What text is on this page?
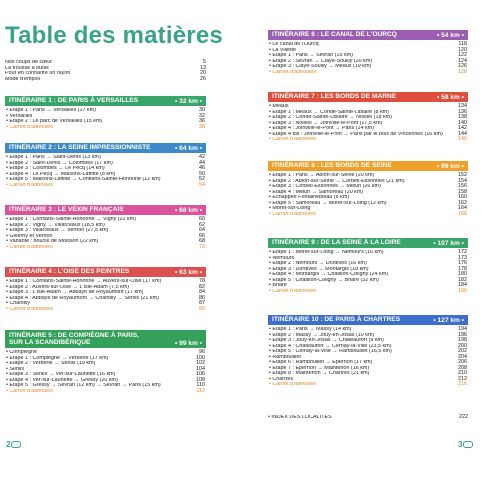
Table des matières
Nos coups de cœur	5
La trousse à outils	13
Pour en connaître un rayon	20
Mode d'emploi	26
ITINÉRAIRE 1 : DE PARIS À VERSAILLES	• 32 km •
• Étape 1 : Paris → Versailles (17 km)	30
• Versailles	32
• Étape 2 : Le parc de Versailles (15 km)	36
• Carnet d'adresses	38
ITINÉRAIRE 2 : LA SEINE IMPRESSIONNISTE	• 64 km •
• Étape 1 : Paris → Saint-Denis (13 km)	42
• Étape 2 : Saint-Denis → Colombes (17 km)	44
• Étape 3 : Colombes → Le Pecq (14 km)	46
• Étape 4 : Le Pecq → Maisons-Laffitte (8 km)	50
• Étape 5 : Maisons-Laffitte → Conflans-Sainte-Honorine (12 km)	52
• Carnet d'adresses	54
ITINÉRAIRE 3 : LE VEXIN FRANÇAIS	• 68 km •
• Étape 1 : Conflans-Sainte-Honorine → Vigny (22 km)	60
• Étape 2 : Vigny → Villarceaux (18,5 km)	62
• Étape 3 : Villarceaux → Vernon (27,5 km)	64
• Giverny et Vernon	66
• Variante : boucle de Moisson (22 km)	68
• Carnet d'adresses	72
ITINÉRAIRE 4 : L'OISE DES PEINTRES	• 63 km •
• Étape 1 : Conflans-Sainte-Honorine → Auvers-sur-Oise (17 km)	78
• Étape 2 : Auvers-sur-Oise → L'Isle-Adam (7,5 km)	82
• Étape 3 : L'Isle-Adam → Abbaye de Royaumont (17 km)	84
• Étape 4 : Abbaye de Royaumont → Chantilly → Senlis (21 km)	86
• Chantilly	87
• Carnet d'adresses	90
ITINÉRAIRE 5 : DE COMPIÈGNE À PARIS,
SUR LA SCANDIBÉRIQUE	• 99 km •
• Compiègne	96
• Étape 1 : Compiègne → Verberie (17 km)	100
• Étape 2 : Verberie → Senlis (19 km)	102
• Senlis	104
• Étape 3 : Senlis → Ver-sur-Launette (16 km)	106
• Étape 4 : Ver-sur-Launette → Gressy (20 km)	108
• Étape 5 : Gressy → Sevran (12 km) → Sevran → Paris (15 km)	110
• Carnet d'adresses	112
ITINÉRAIRE 6 : LE CANAL DE L'OURCQ	• 54 km •
• Le canal de l'Ourcq	118
• La Villette	120
• Étape 1 : Paris → Sevran (15 km)	122
• Étape 2 : Sevran → Claye-Souilly (20 km)	124
• Étape 3 : Claye-Souilly → Meaux (19 km)	126
• Carnet d'adresses	128
ITINÉRAIRE 7 : LES BORDS DE MARNE	• 58 km •
• Meaux	134
• Étape 1 : Meaux → Condé-Sainte-Libiaire (8 km)	136
• Étape 2 : Condé-Sainte-Libiaire → Noisiel (18 km)	138
• Étape 3 : Noisiel → Joinville-le-Pont (17,5 km)	140
• Étape 4 : Joinville-le-Pont → Paris (14 km)	142
• Étape 4 bis : Joinville-le-Pont → Paris par le bois de Vincennes (16 km)	144
• Carnet d'adresses	146
ITINÉRAIRE 8 : LES BORDS DE SEINE	• 99 km •
• Étape 1 : Paris → Ablon-sur-Seine (20 km)	152
• Étape 2 : Ablon-sur-Seine → Corbeil-Essonnes (21 km)	154
• Étape 3 : Corbeil-Essonnes → Melun (26 km)	156
• Étape 4 : Melun → Samoreau (20 km)	158
• Échappée Fontainebleau (6 km)	160
• Étape 5 : Samoreau → Moret-sur-Loing (12 km)	162
• Moret-sur-Loing	164
• Carnet d'adresses	166
ITINÉRAIRE 9 : DE LA SEINE À LA LOIRE	• 107 km •
• Étape 1 : Moret-sur-Loing → Nemours (16 km)	172
• Nemours	173
• Étape 2 : Nemours → Dordives (16 km)	176
• Étape 3 : Dordives → Montargis (18 km)	178
• Étape 4 : Montargis → Châtillon-Coligny (24 km)	180
• Étape 5 : Châtillon-Coligny → Briare (32 km)	182
• Briare	184
• Carnet d'adresses	186
ITINÉRAIRE 10 : DE PARIS À CHARTRES	• 127 km •
• Étape 1 : Paris → Massy (14 km)	194
• Étape 2 : Massy → Jouy-en-Josas (10 km)	196
• Étape 3 : Jouy-en-Josas → Châteaufort (9 km)	198
• Étape 4 : Châteaufort → Cernay-la-Ville (23,5 km)	200
• Étape 5 : Cernay-la-Ville → Rambouillet (16,5 km)	202
• Rambouillet	204
• Étape 6 : Rambouillet → Épernon (17 km)	206
• Étape 7 : Épernon → Maintenon (16 km)	208
• Étape 8 : Maintenon → Chartres (21 km)	210
• Chartres	212
• Carnet d'adresses	216
• INDEX DES LOCALITÉS	222
2	3
